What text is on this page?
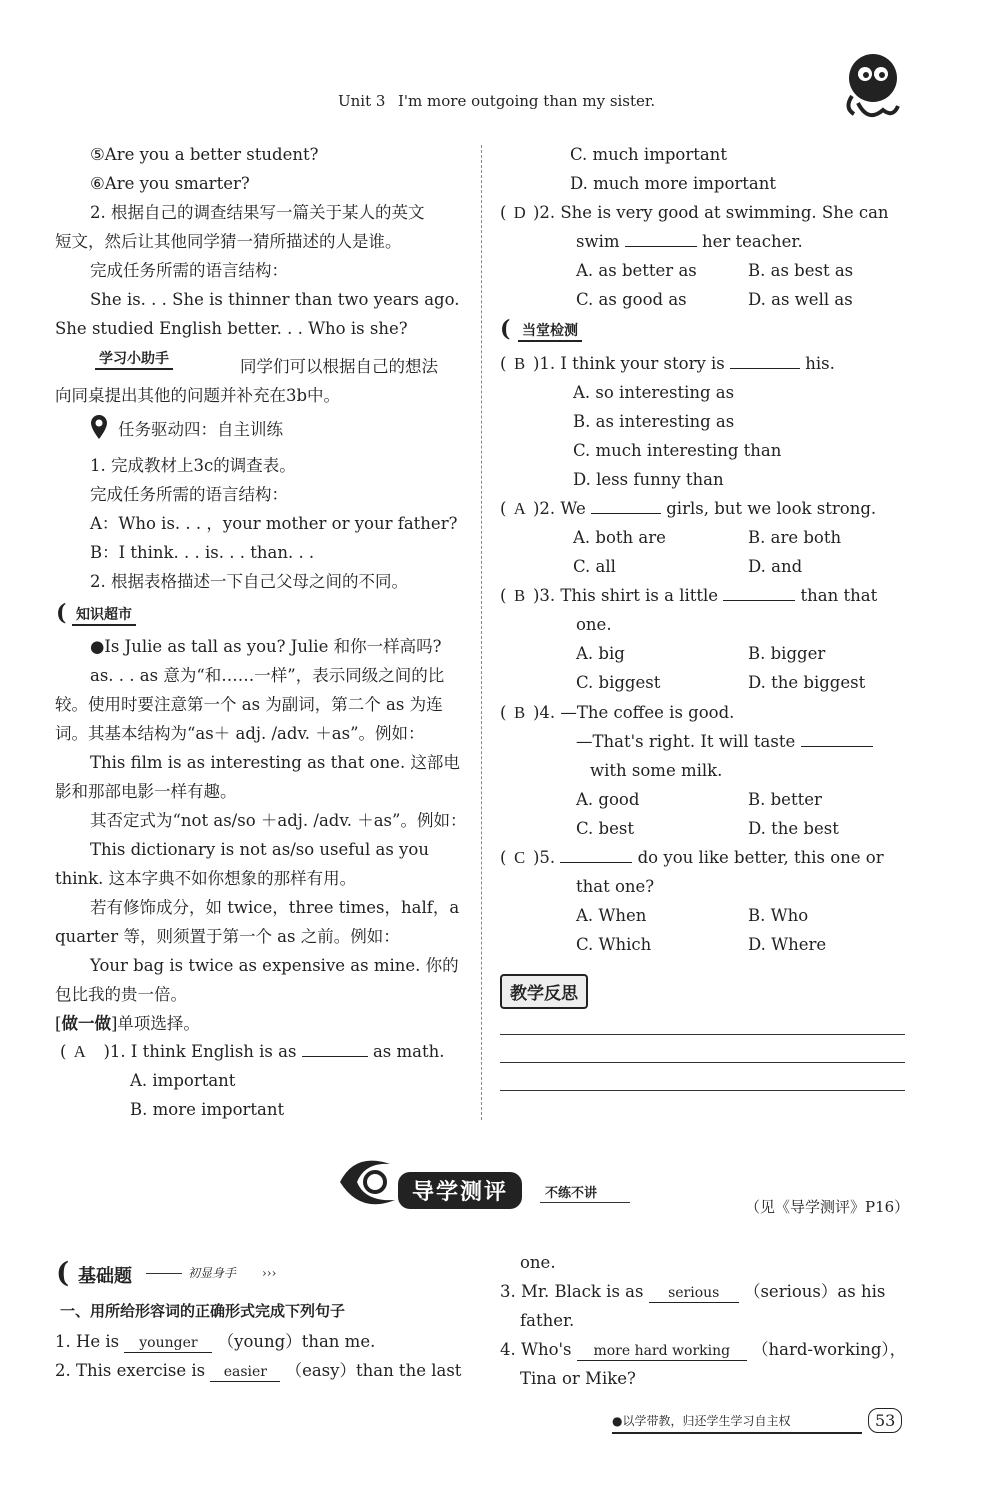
Unit 3 I'm more outgoing than my sister.
⑤Are you a better student?
⑥Are you smarter?
2. 根据自己的调查结果写一篇关于某人的英文
短文，然后让其他同学猜一猜所描述的人是谁。
完成任务所需的语言结构：
She is. . . She is thinner than two years ago.
She studied English better. . . Who is she?
学习小助手	同学们可以根据自己的想法
向同桌提出其他的问题并补充在3b中。
任务驱动四：自主训练
1. 完成教材上3c的调查表。
完成任务所需的语言结构：
A：Who is. . . ，your mother or your father?
B：I think. . . is. . . than. . .
2. 根据表格描述一下自己父母之间的不同。
( 知识超市
●Is Julie as tall as you? Julie 和你一样高吗?
as. . . as 意为“和……一样”，表示同级之间的比
较。使用时要注意第一个 as 为副词，第二个 as 为连
词。其基本结构为“as＋ adj. /adv. ＋as”。例如：
This film is as interesting as that one. 这部电
影和那部电影一样有趣。
其否定式为“not as/so ＋adj. /adv. ＋as”。例如：
This dictionary is not as/so useful as you
think. 这本字典不如你想象的那样有用。
若有修饰成分，如 twice，three times，half，a
quarter 等，则须置于第一个 as 之前。例如：
Your bag is twice as expensive as mine. 你的
包比我的贵一倍。
[做一做]单项选择。
( A )1. I think English is as	as math.
A. important
B. more important
C. much important
D. much more important
( D )2. She is very good at swimming. She can
swim	her teacher.
A. as better as	B. as best as
C. as good as	D. as well as
( 当堂检测
( B )1. I think your story is	his.
A. so interesting as
B. as interesting as
C. much interesting than
D. less funny than
( A )2. We	girls, but we look strong.
A. both are	B. are both
C. all	D. and
( B )3. This shirt is a little	than that
one.
A. big	B. bigger
C. biggest	D. the biggest
( B )4. —The coffee is good.
—That's right. It will taste
with some milk.
A. good	B. better
C. best	D. the best
( C )5.	do you like better, this one or
that one?
A. When	B. Who
C. Which	D. Where
教学反思
导学测评	不练不讲
（见《导学测评》P16）
( 基础题	初显身手 ›››
一、用所给形容词的正确形式完成下列句子
1. He is younger （young）than me.
2. This exercise is easier （easy）than the last
one.
3. Mr. Black is as serious （serious）as his
father.
4. Who's more hard working （hard-working），
Tina or Mike?
●以学带教，归还学生学习自主权	53
